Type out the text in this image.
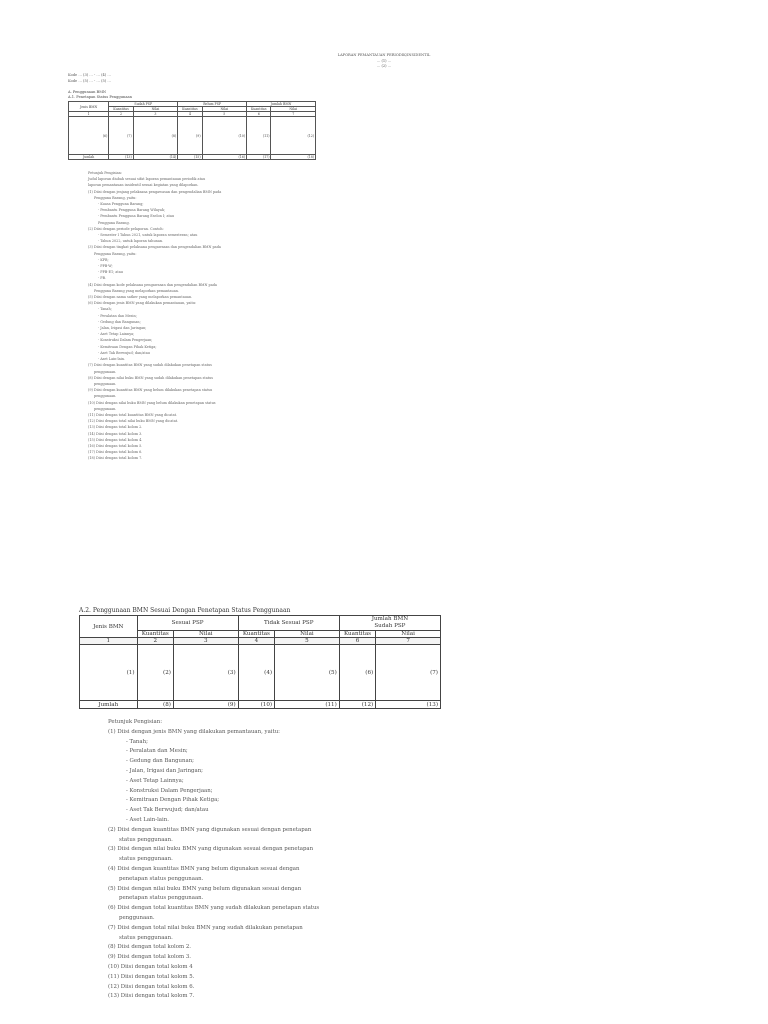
LAPORAN PEMANTAUAN PERIODIK/INSIDENTIL
… (1) …
… (2) …
Kode … (3) … - … (4) …
Kode … (5) … - … (5) …
A. Penggunaan BMN
A.1. Penetapan Status Penggunaan
Jenis BMN	Sudah PSP		Belum PSP		Jumlah BMN	
	Kuantitas	Nilai	Kuantitas	Nilai	Kuantitas	Nilai
1	2	3	4	5	6	7
(6)	(7)	(8)	(9)	(10)	(11)	(12)
Jumlah	(13)	(14)	(15)	(16)	(17)	(18)
Petunjuk Pengisian:
Judul laporan diubah sesuai sifat laporan pemantauan periodik atau
laporan pemantauan insidentil sesuai kegiatan yang dilaporkan.
(1) Diisi dengan jenjang pelaksana pengawasan dan pengendalian BMN pada
Pengguna Barang, yaitu:
- Kuasa Pengguna Barang;
- Pembantu Pengguna Barang Wilayah;
- Pembantu Pengguna Barang Eselon I; atau
Pengguna Barang.
(2) Diisi dengan periode pelaporan. Contoh:
- Semester I Tahun 2021, untuk laporan semesteran; atau
- Tahun 2022, untuk laporan tahunan.
(3) Diisi dengan tingkat pelaksana pengawasan dan pengendalian BMN pada
Pengguna Barang, yaitu:
- KPB;
- PPB-W;
- PPB-E1; atau
- PB.
(4) Diisi dengan kode pelaksana pengawasan dan pengendalian BMN pada
Pengguna Barang yang melaporkan pemantauan.
(5) Diisi dengan nama satker yang melaporkan pemantauan.
(6) Diisi dengan jenis BMN yang dilakukan pemantauan, yaitu:
- Tanah;
- Peralatan dan Mesin;
- Gedung dan Bangunan;
- Jalan, Irigasi dan Jaringan;
- Aset Tetap Lainnya;
- Konstruksi Dalam Pengerjaan;
- Kemitraan Dengan Pihak Ketiga;
- Aset Tak Berwujud; dan/atau
- Aset Lain-lain.
(7) Diisi dengan kuantitas BMN yang sudah dilakukan penetapan status
penggunaan.
(8) Diisi dengan nilai buku BMN yang sudah dilakukan penetapan status
penggunaan.
(9) Diisi dengan kuantitas BMN yang belum dilakukan penetapan status
penggunaan.
(10) Diisi dengan nilai buku BMN yang belum dilakukan penetapan status
penggunaan.
(11) Diisi dengan total kuantitas BMN yang dicatat.
(12) Diisi dengan total nilai buku BMN yang dicatat.
(13) Diisi dengan total kolom 2.
(14) Diisi dengan total kolom 3.
(15) Diisi dengan total kolom 4.
(16) Diisi dengan total kolom 5.
(17) Diisi dengan total kolom 6.
(18) Diisi dengan total kolom 7.
A.2. Penggunaan BMN Sesuai Dengan Penetapan Status Penggunaan
Jenis BMN	Sesuai PSP		Tidak Sesuai PSP		Jumlah BMN
Sudah PSP	
	Kuantitas	Nilai	Kuantitas	Nilai	Kuantitas	Nilai
1	2	3	4	5	6	7
(1)	(2)	(3)	(4)	(5)	(6)	(7)
Jumlah	(8)	(9)	(10)	(11)	(12)	(13)
Petunjuk Pengisian:
(1) Diisi dengan jenis BMN yang dilakukan pemantauan, yaitu:
- Tanah;
- Peralatan dan Mesin;
- Gedung dan Bangunan;
- Jalan, Irigasi dan Jaringan;
- Aset Tetap Lainnya;
- Konstruksi Dalam Pengerjaan;
- Kemitraan Dengan Pihak Ketiga;
- Aset Tak Berwujud; dan/atau
- Aset Lain-lain.
(2) Diisi dengan kuantitas BMN yang digunakan sesuai dengan penetapan
status penggunaan.
(3) Diisi dengan nilai buku BMN yang digunakan sesuai dengan penetapan
status penggunaan.
(4) Diisi dengan kuantitas BMN yang belum digunakan sesuai dengan
penetapan status penggunaan.
(5) Diisi dengan nilai buku BMN yang belum digunakan sesuai dengan
penetapan status penggunaan.
(6) Diisi dengan total kuantitas BMN yang sudah dilakukan penetapan status
penggunaan.
(7) Diisi dengan total nilai buku BMN yang sudah dilakukan penetapan
status penggunaan.
(8) Diisi dengan total kolom 2.
(9) Diisi dengan total kolom 3.
(10) Diisi dengan total kolom 4
(11) Diisi dengan total kolom 5.
(12) Diisi dengan total kolom 6.
(13) Diisi dengan total kolom 7.
